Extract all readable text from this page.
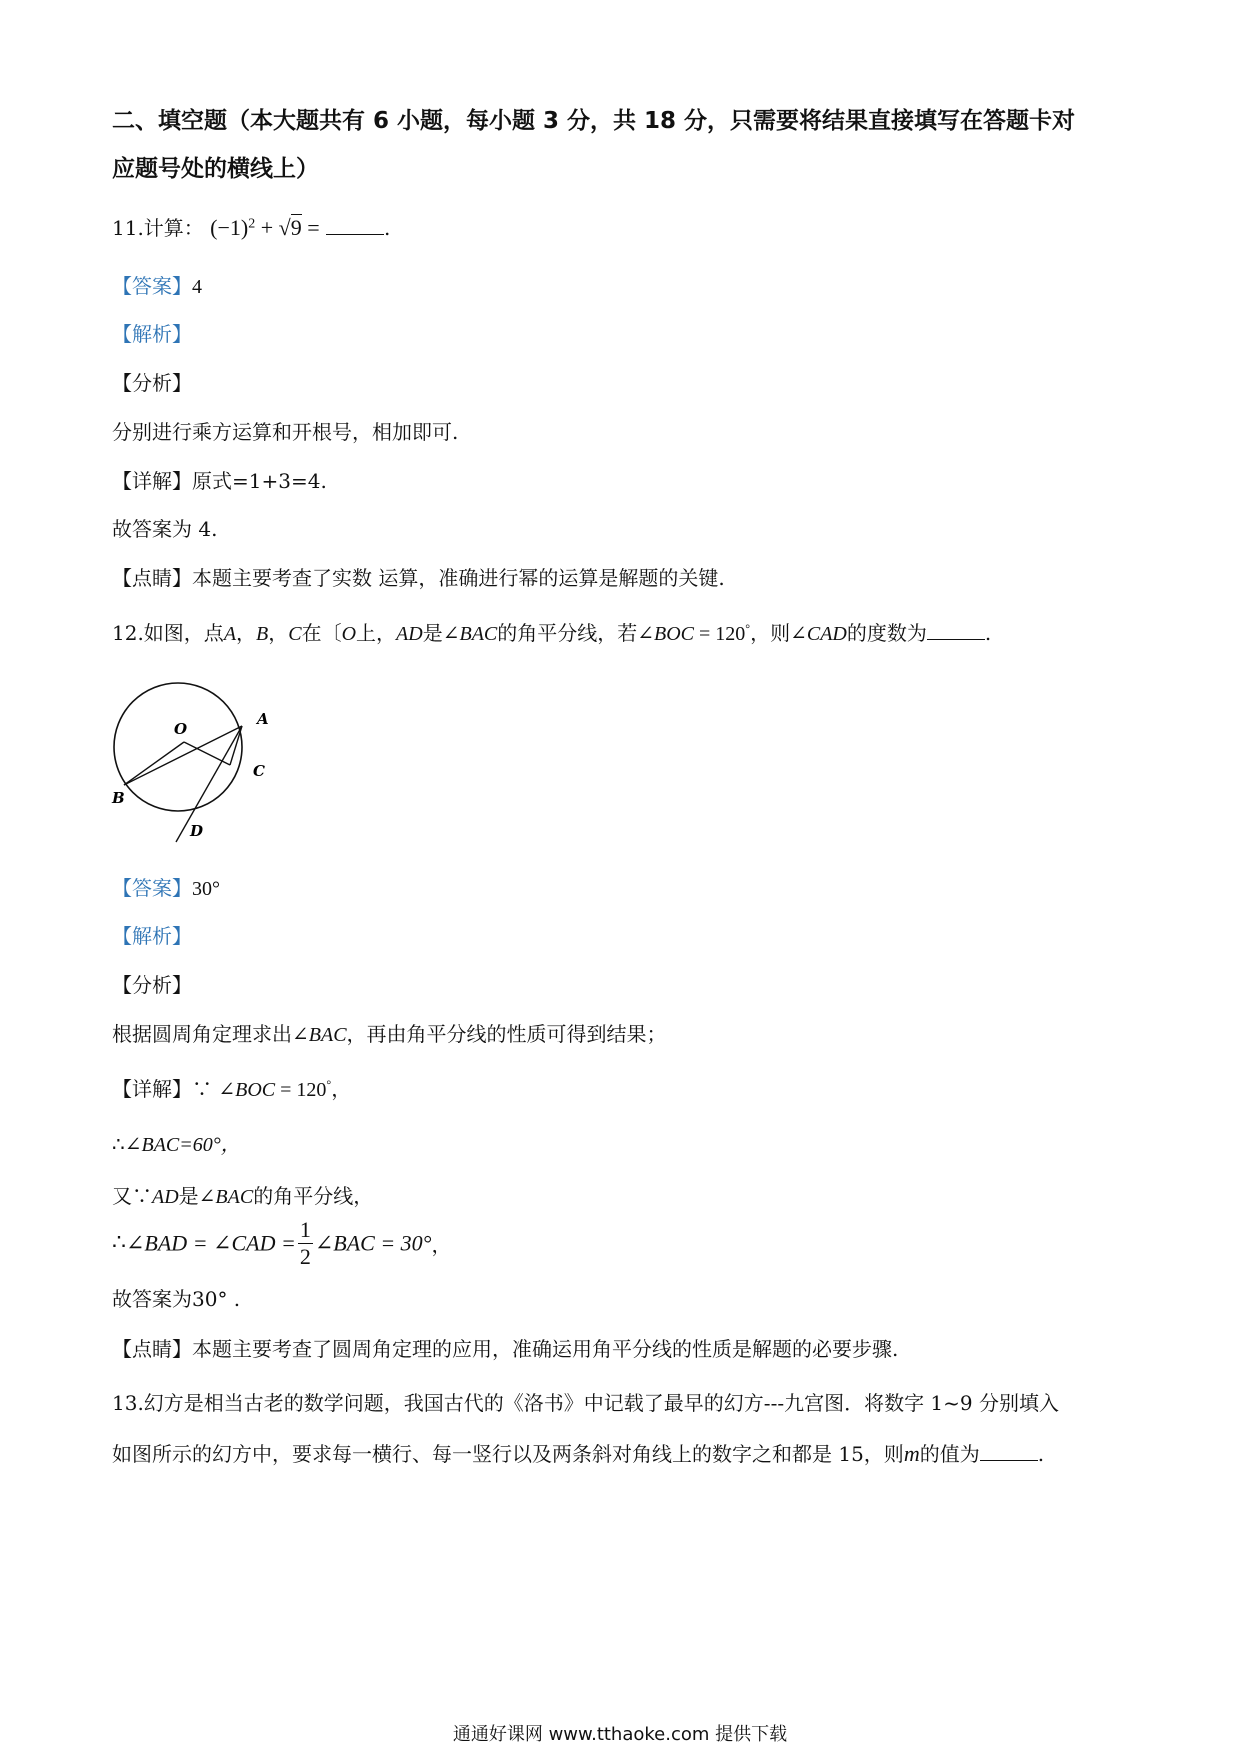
二、填空题（本大题共有 6 小题，每小题 3 分，共 18 分，只需要将结果直接填写在答题卡对
应题号处的横线上）
11.计算： $(-1)^2 + √9$ =	.
【答案】4
【解析】
【分析】
分别进行乘方运算和开根号，相加即可.
【详解】原式=1+3=4.
故答案为 4.
【点睛】本题主要考查了实数 运算，准确进行幂的运算是解题的关键.
12.如图，点A，B，C在〔O上，AD是∠BAC的角平分线，若∠BOC = 120°，则∠CAD的度数为	.
O
A
B
C
D
【答案】30°
【解析】
【分析】
根据圆周角定理求出∠BAC，再由角平分线的性质可得到结果；
【详解】∵ ∠BOC = 120°，
∴∠BAC=60°，
又∵AD是∠BAC的角平分线，
∴∠BAD = ∠CAD = $\frac{1}{2}$ ∠BAC = 30°，
故答案为30° .
【点睛】本题主要考查了圆周角定理的应用，准确运用角平分线的性质是解题的必要步骤.
13.幻方是相当古老的数学问题，我国古代的《洛书》中记载了最早的幻方---九宫图．将数字 1~9 分别填入
如图所示的幻方中，要求每一横行、每一竖行以及两条斜对角线上的数字之和都是 15，则m的值为	.
通通好课网 www.tthaoke.com 提供下载
